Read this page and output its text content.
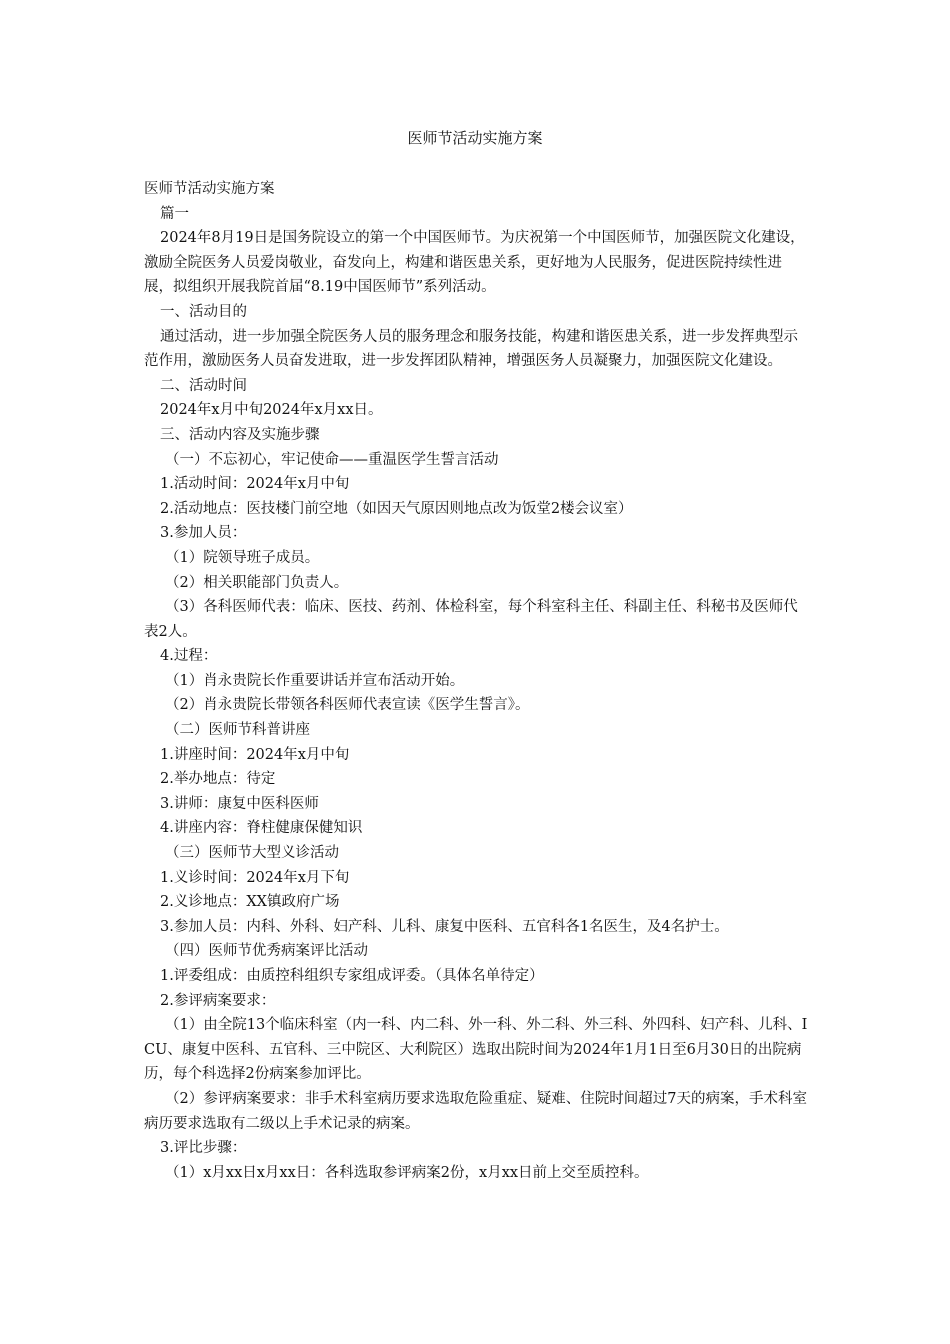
医师节活动实施方案

医师节活动实施方案

篇一

2024年8月19日是国务院设立的第一个中国医师节。为庆祝第一个中国医师节，加强医院文化建设，激励全院医务人员爱岗敬业，奋发向上，构建和谐医患关系，更好地为人民服务，促进医院持续性进展，拟组织开展我院首届“8.19中国医师节”系列活动。

一、活动目的

通过活动，进一步加强全院医务人员的服务理念和服务技能，构建和谐医患关系，进一步发挥典型示范作用，激励医务人员奋发进取，进一步发挥团队精神，增强医务人员凝聚力，加强医院文化建设。

二、活动时间

2024年x月中旬2024年x月xx日。

三、活动内容及实施步骤

（一）不忘初心，牢记使命——重温医学生誓言活动

1.活动时间：2024年x月中旬

2.活动地点：医技楼门前空地（如因天气原因则地点改为饭堂2楼会议室）

3.参加人员：

（1）院领导班子成员。

（2）相关职能部门负责人。

（3）各科医师代表：临床、医技、药剂、体检科室，每个科室科主任、科副主任、科秘书及医师代表2人。

4.过程：

（1）肖永贵院长作重要讲话并宣布活动开始。

（2）肖永贵院长带领各科医师代表宣读《医学生誓言》。

（二）医师节科普讲座

1.讲座时间：2024年x月中旬

2.举办地点：待定

3.讲师：康复中医科医师

4.讲座内容：脊柱健康保健知识

（三）医师节大型义诊活动

1.义诊时间：2024年x月下旬

2.义诊地点：XX镇政府广场

3.参加人员：内科、外科、妇产科、儿科、康复中医科、五官科各1名医生，及4名护士。

（四）医师节优秀病案评比活动

1.评委组成：由质控科组织专家组成评委。（具体名单待定）

2.参评病案要求：

（1）由全院13个临床科室（内一科、内二科、外一科、外二科、外三科、外四科、妇产科、儿科、ICU、康复中医科、五官科、三中院区、大利院区）选取出院时间为2024年1月1日至6月30日的出院病历，每个科选择2份病案参加评比。

（2）参评病案要求：非手术科室病历要求选取危险重症、疑难、住院时间超过7天的病案，手术科室病历要求选取有二级以上手术记录的病案。

3.评比步骤：

（1）x月xx日x月xx日：各科选取参评病案2份，x月xx日前上交至质控科。
